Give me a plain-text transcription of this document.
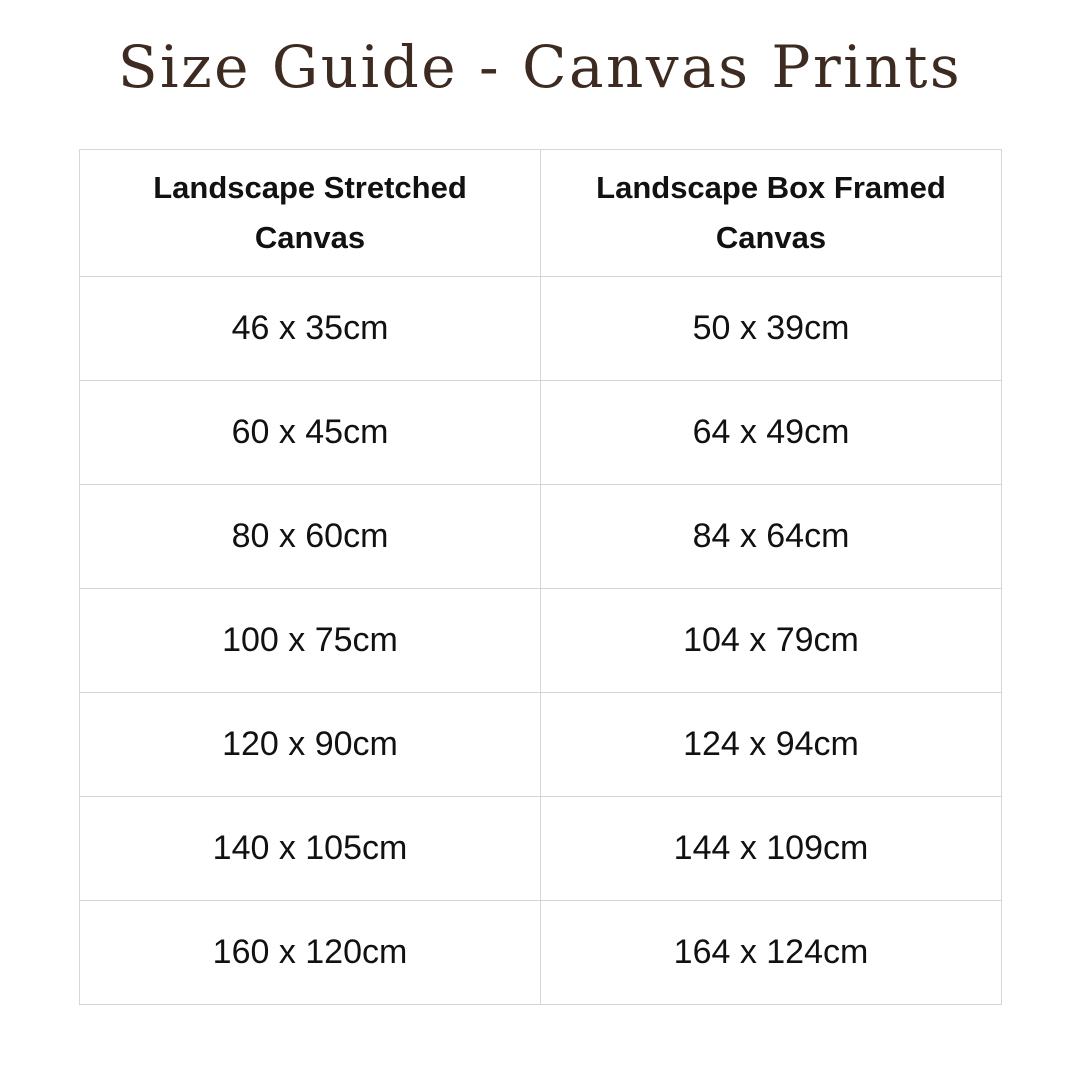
Size Guide - Canvas Prints
Landscape Stretched Canvas	Landscape Box Framed Canvas
46 x 35cm	50 x 39cm
60 x 45cm	64 x 49cm
80 x 60cm	84 x 64cm
100 x 75cm	104 x 79cm
120 x 90cm	124 x 94cm
140 x 105cm	144 x 109cm
160 x 120cm	164 x 124cm
